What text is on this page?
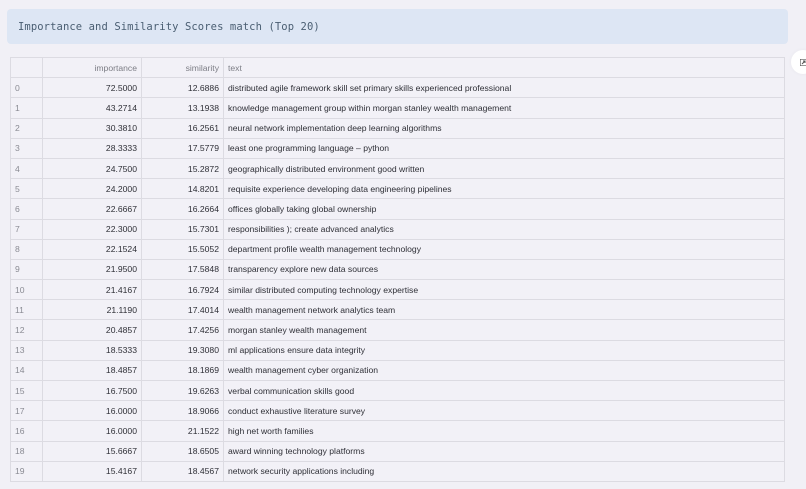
Importance and Similarity Scores match (Top 20)
	importance	similarity	text
0	72.5000	12.6886	distributed agile framework skill set primary skills experienced professional
1	43.2714	13.1938	knowledge management group within morgan stanley wealth management
2	30.3810	16.2561	neural network implementation deep learning algorithms
3	28.3333	17.5779	least one programming language – python
4	24.7500	15.2872	geographically distributed environment good written
5	24.2000	14.8201	requisite experience developing data engineering pipelines
6	22.6667	16.2664	offices globally taking global ownership
7	22.3000	15.7301	responsibilities ); create advanced analytics
8	22.1524	15.5052	department profile wealth management technology
9	21.9500	17.5848	transparency explore new data sources
10	21.4167	16.7924	similar distributed computing technology expertise
11	21.1190	17.4014	wealth management network analytics team
12	20.4857	17.4256	morgan stanley wealth management
13	18.5333	19.3080	ml applications ensure data integrity
14	18.4857	18.1869	wealth management cyber organization
15	16.7500	19.6263	verbal communication skills good
17	16.0000	18.9066	conduct exhaustive literature survey
16	16.0000	21.1522	high net worth families
18	15.6667	18.6505	award winning technology platforms
19	15.4167	18.4567	network security applications including
